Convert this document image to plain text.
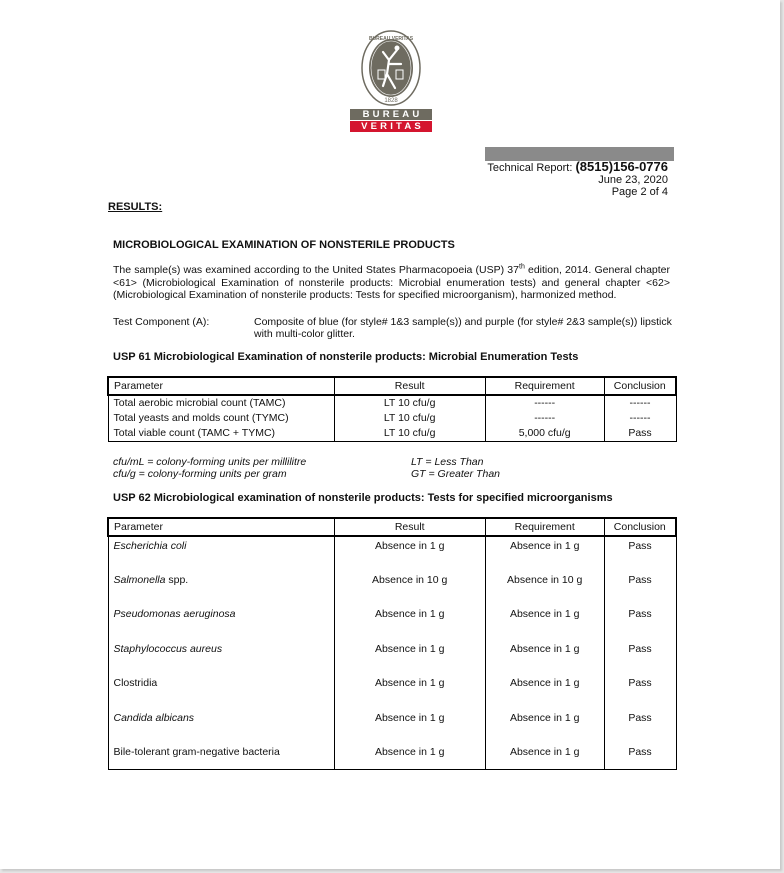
BUREAU VERITAS
1828
BUREAU
VERITAS
Technical Report: (8515)156-0776
June 23, 2020
Page 2 of 4
RESULTS:
MICROBIOLOGICAL EXAMINATION OF NONSTERILE PRODUCTS
The sample(s) was examined according to the United States Pharmacopoeia (USP) 37th edition, 2014. General chapter <61> (Microbiological Examination of nonsterile products: Microbial enumeration tests) and general chapter <62> (Microbiological Examination of nonsterile products: Tests for specified microorganism), harmonized method.
Test Component (A):	Composite of blue (for style# 1&3 sample(s)) and purple (for style# 2&3 sample(s)) lipstick with multi-color glitter.
USP 61 Microbiological Examination of nonsterile products: Microbial Enumeration Tests
Parameter	Result	Requirement	Conclusion
Total aerobic microbial count (TAMC)	LT 10 cfu/g	------	------
Total yeasts and molds count (TYMC)	LT 10 cfu/g	------	------
Total viable count (TAMC + TYMC)	LT 10 cfu/g	5,000 cfu/g	Pass
cfu/mL = colony-forming units per millilitre
cfu/g = colony-forming units per gram
LT = Less Than
GT = Greater Than
USP 62 Microbiological examination of nonsterile products: Tests for specified microorganisms
Parameter	Result	Requirement	Conclusion
Escherichia coli	Absence in 1 g	Absence in 1 g	Pass
Salmonella spp.	Absence in 10 g	Absence in 10 g	Pass
Pseudomonas aeruginosa	Absence in 1 g	Absence in 1 g	Pass
Staphylococcus aureus	Absence in 1 g	Absence in 1 g	Pass
Clostridia	Absence in 1 g	Absence in 1 g	Pass
Candida albicans	Absence in 1 g	Absence in 1 g	Pass
Bile-tolerant gram-negative bacteria	Absence in 1 g	Absence in 1 g	Pass
